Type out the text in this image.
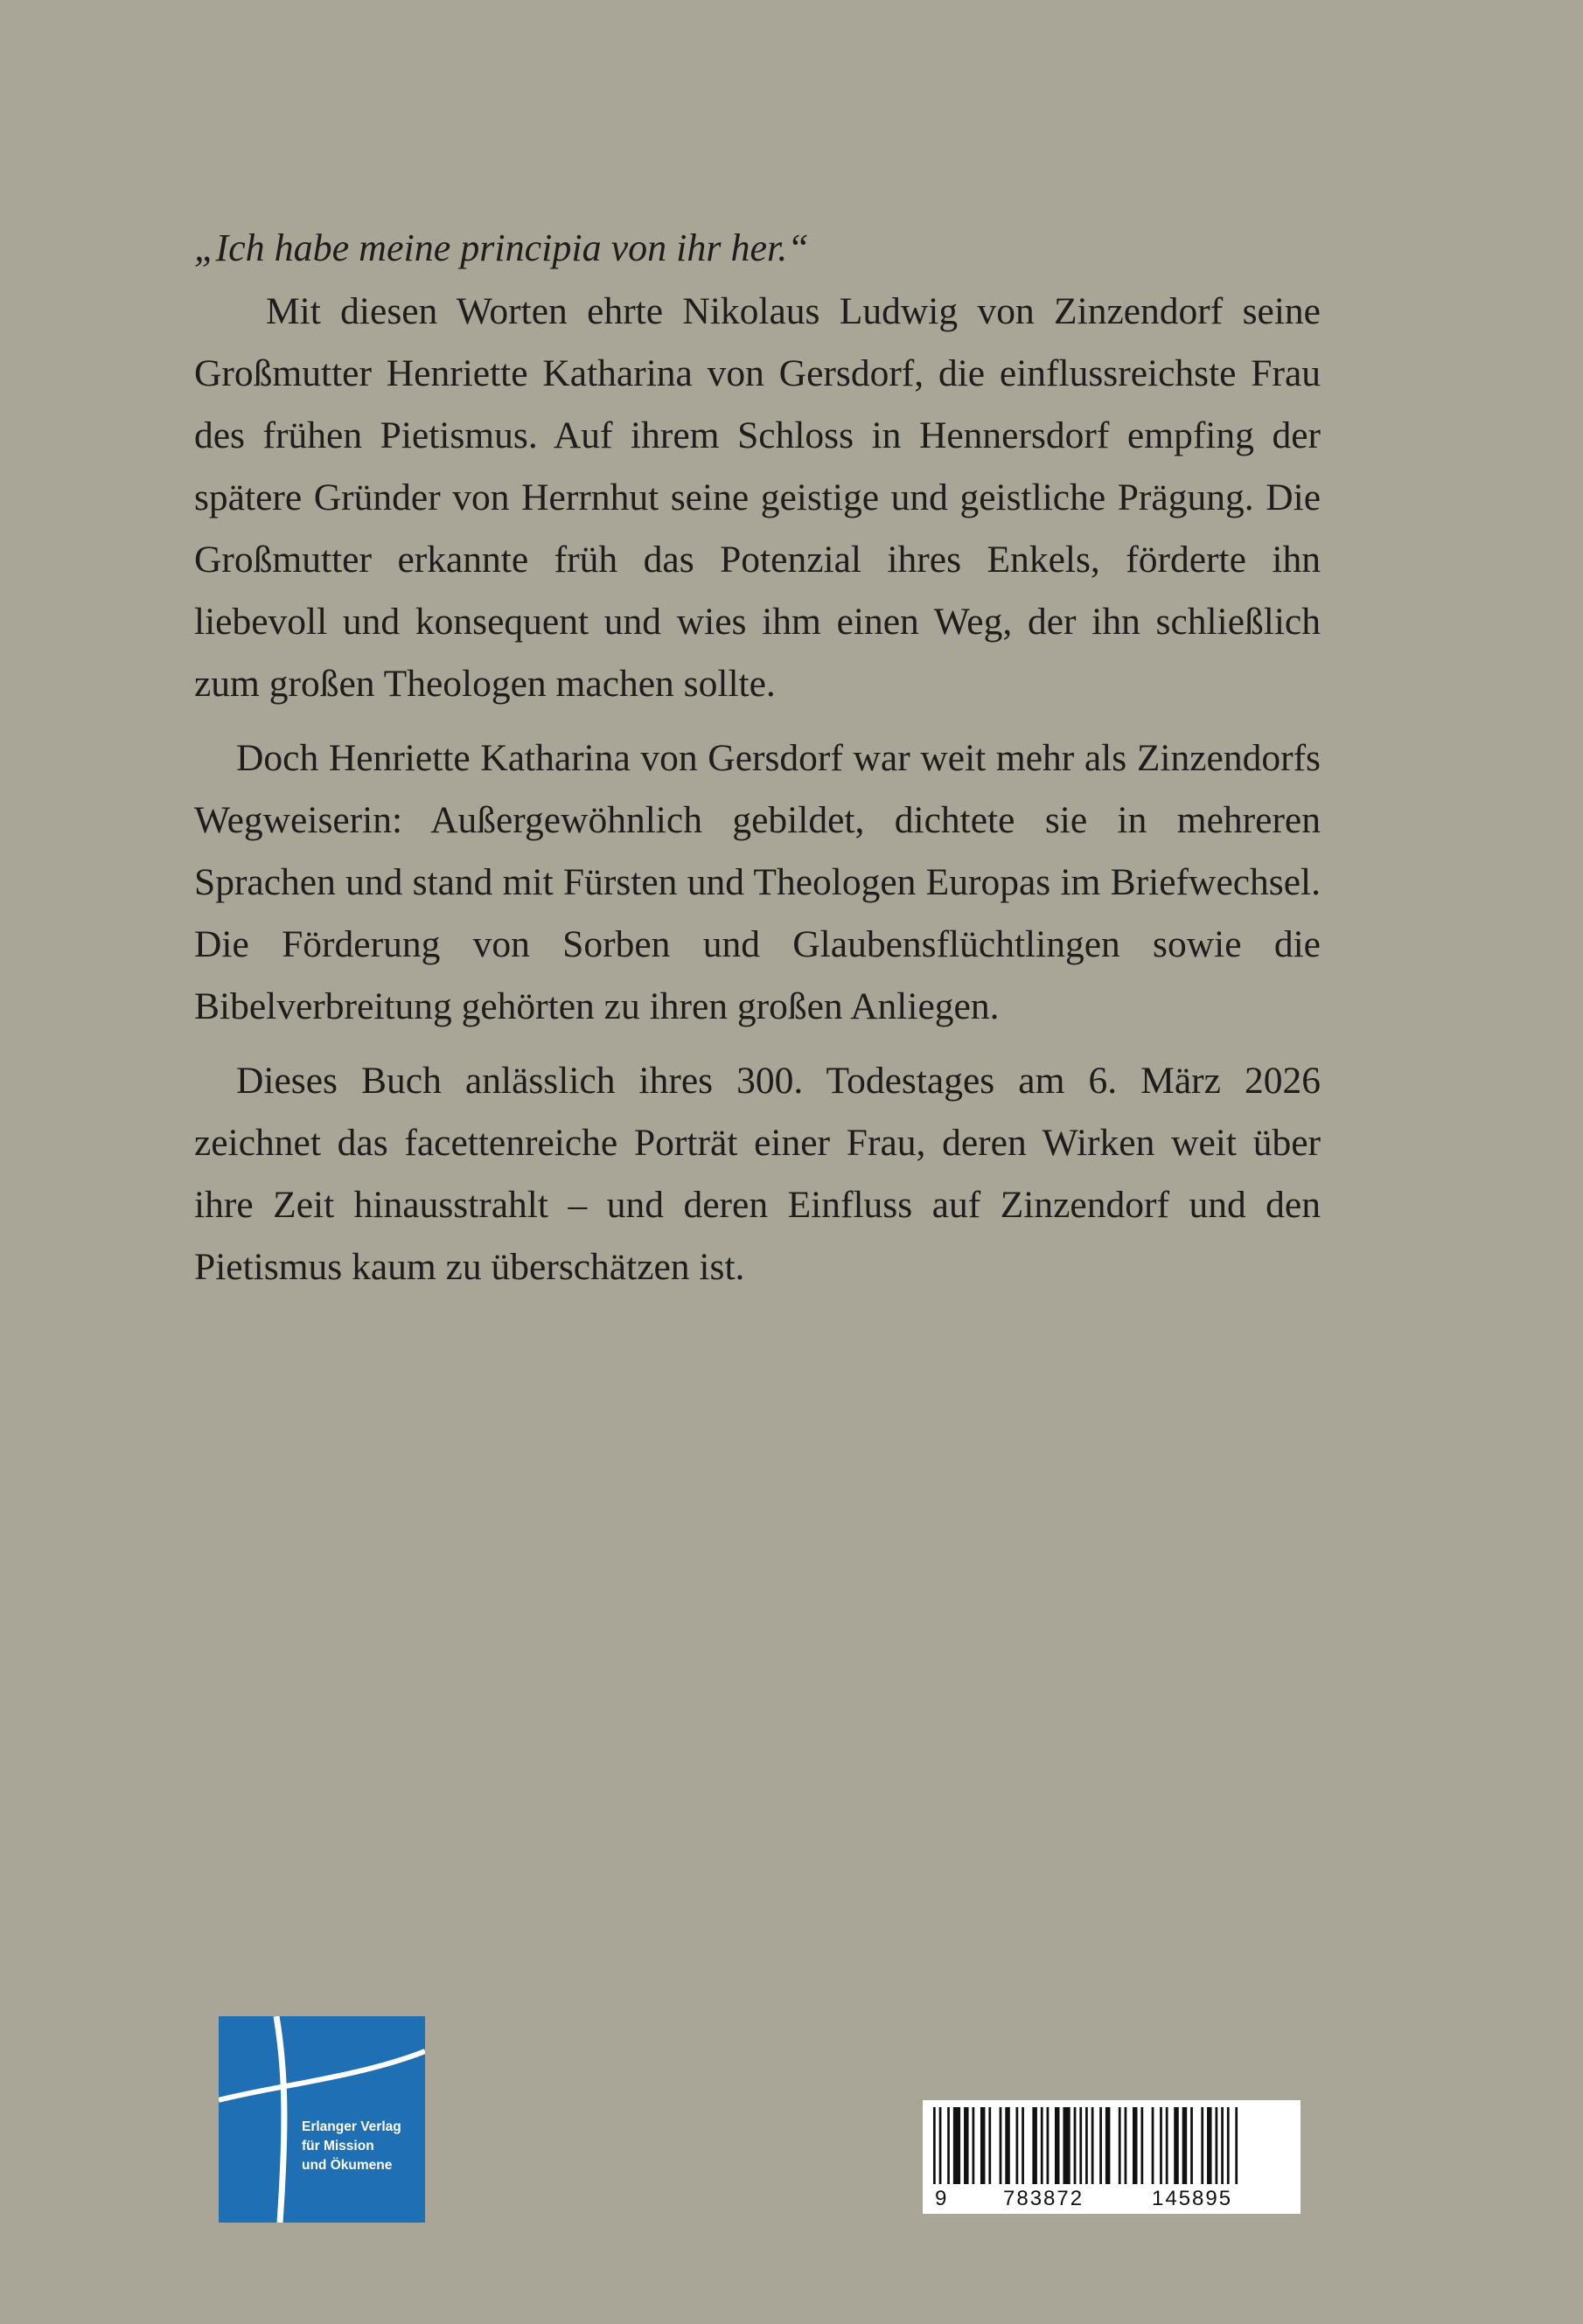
„Ich habe meine principia von ihr her.“

Mit diesen Worten ehrte Nikolaus Ludwig von Zinzendorf seine Großmutter Henriette Katharina von Gersdorf, die einflussreichste Frau des frühen Pietismus. Auf ihrem Schloss in Hennersdorf empfing der spätere Gründer von Herrnhut seine geistige und geistliche Prägung. Die Großmutter erkannte früh das Potenzial ihres Enkels, förderte ihn liebevoll und konsequent und wies ihm einen Weg, der ihn schließlich zum großen Theologen machen sollte.

Doch Henriette Katharina von Gersdorf war weit mehr als Zinzendorfs Wegweiserin: Außergewöhnlich gebildet, dichtete sie in mehreren Sprachen und stand mit Fürsten und Theologen Europas im Briefwechsel. Die Förderung von Sorben und Glaubensflüchtlingen sowie die Bibelverbreitung gehörten zu ihren großen Anliegen.

Dieses Buch anlässlich ihres 300. Todestages am 6. März 2026 zeichnet das facettenreiche Porträt einer Frau, deren Wirken weit über ihre Zeit hinausstrahlt – und deren Einfluss auf Zinzendorf und den Pietismus kaum zu überschätzen ist.

Erlanger Verlag
für Mission
und Ökumene
9	783872	145895
